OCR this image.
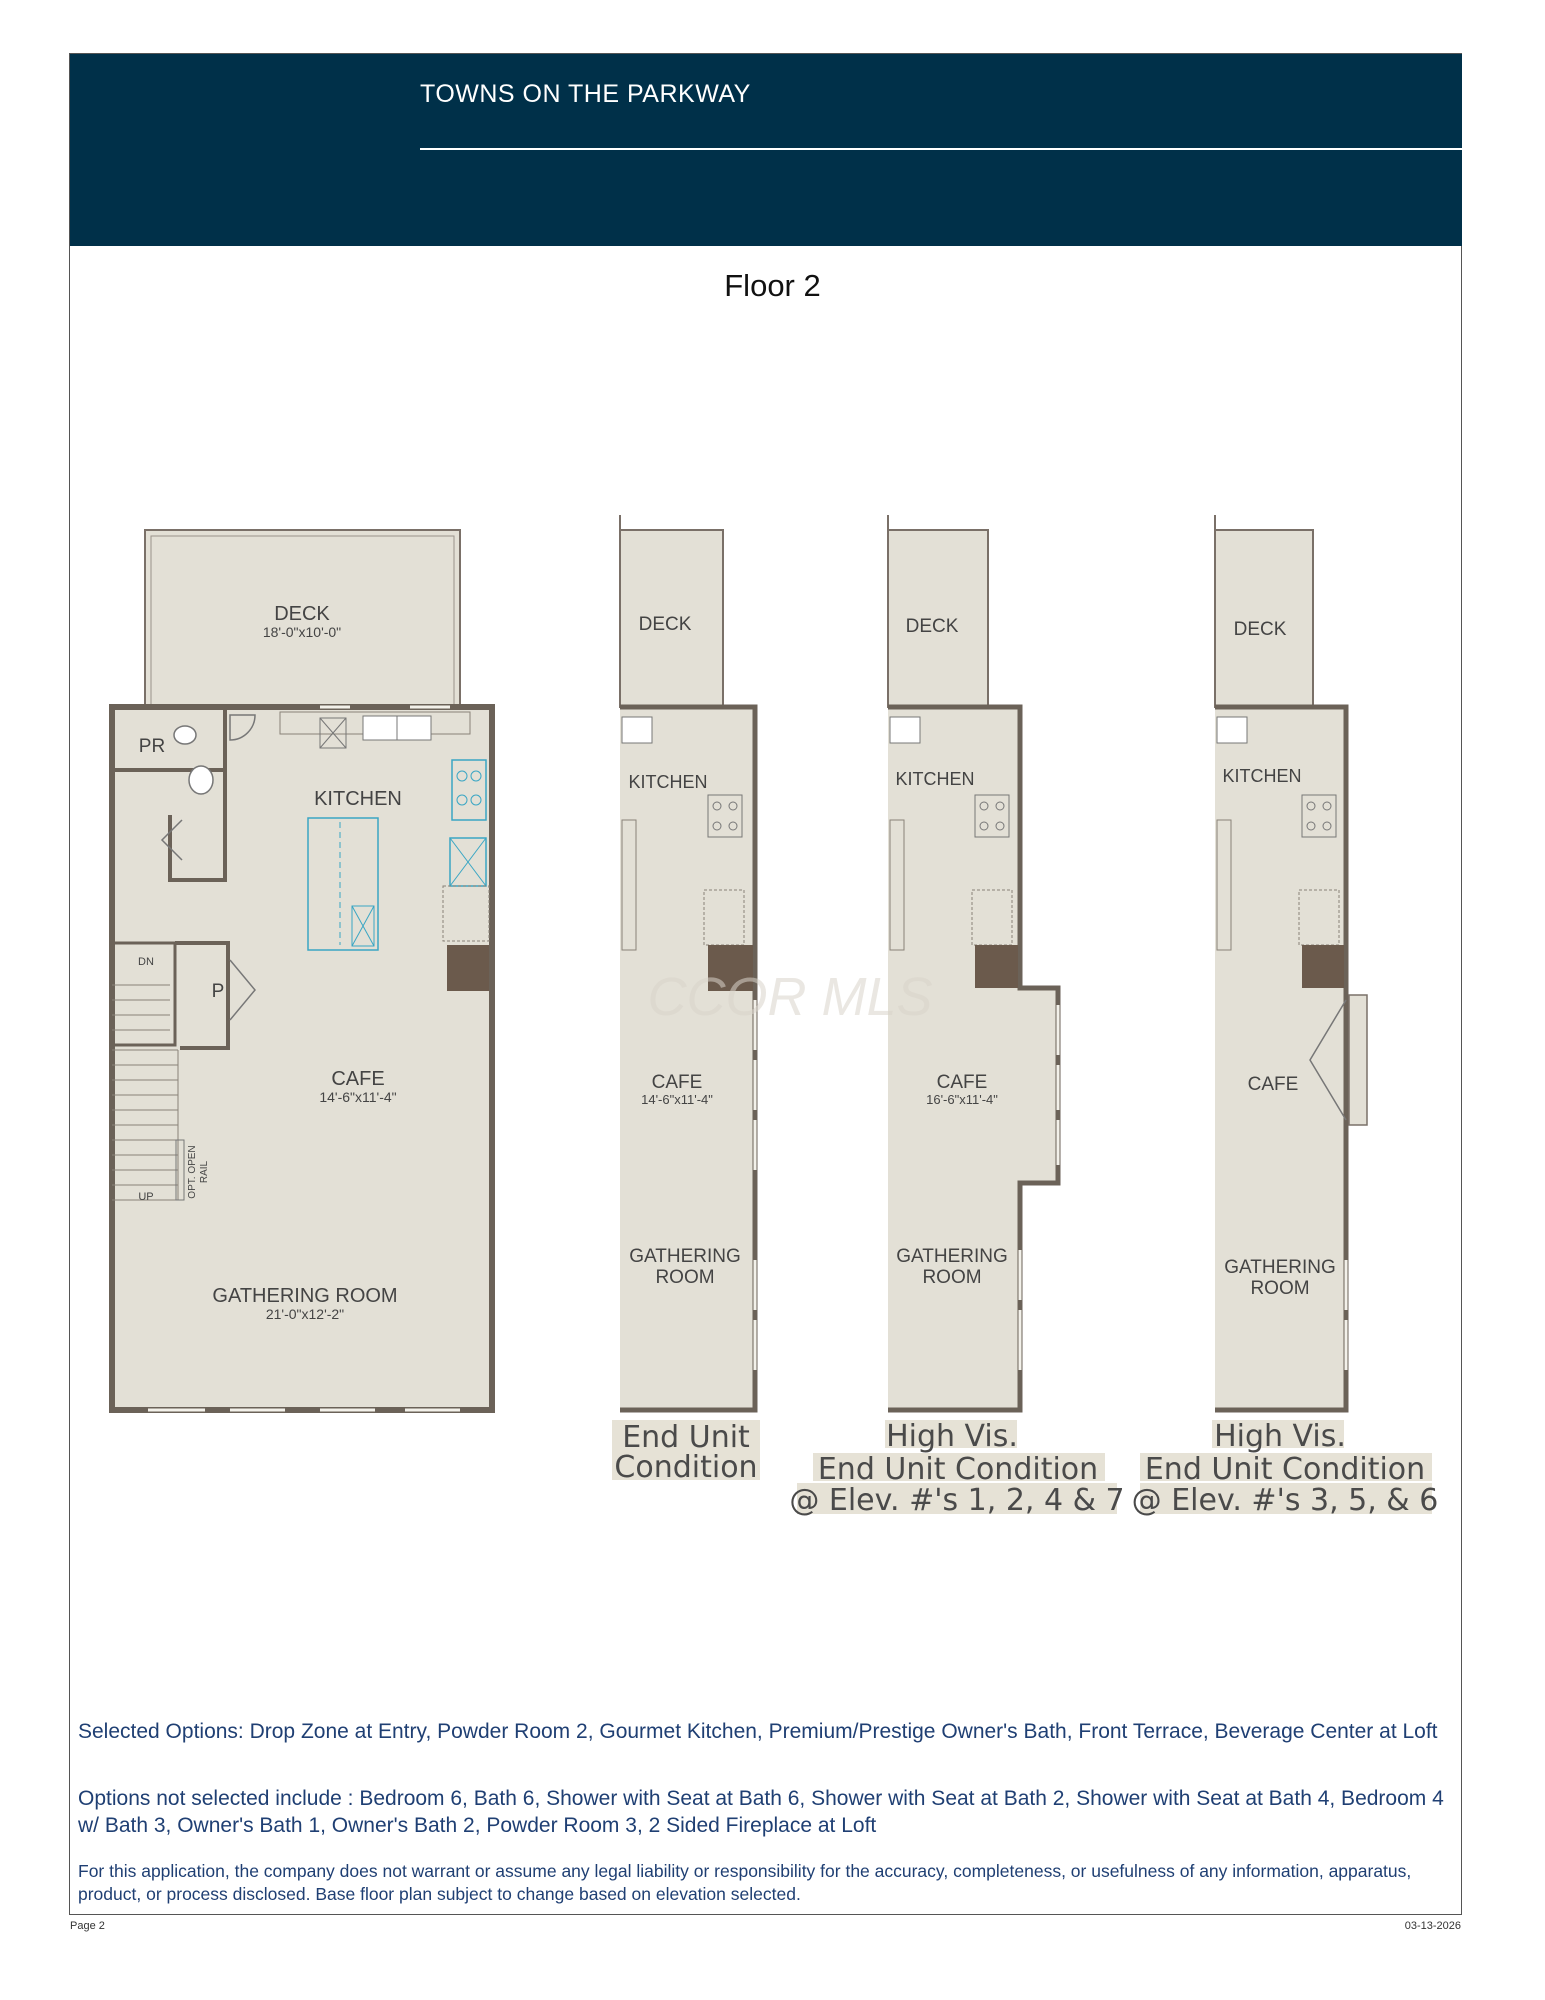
TOWNS ON THE PARKWAY
Floor 2
DECK
18'-0"x10'-0"
PR
KITCHEN
DN
P
CAFE
14'-6"x11'-4"
UP	OPT. OPEN RAIL
GATHERING ROOM
21'-0"x12'-2"
DECK
KITCHEN
CAFE
14'-6"x11'-4"
GATHERING
ROOM
End Unit
Condition
DECK
KITCHEN
CAFE
16'-6"x11'-4"
GATHERING
ROOM
High Vis.
End Unit Condition
@ Elev. #'s 1, 2, 4 & 7
DECK
KITCHEN
CAFE
GATHERING
ROOM
High Vis.
End Unit Condition
@ Elev. #'s 3, 5, & 6
CCOR MLS
Selected Options: Drop Zone at Entry, Powder Room 2, Gourmet Kitchen, Premium/Prestige Owner's Bath, Front Terrace, Beverage Center at Loft
Options not selected include : Bedroom 6, Bath 6, Shower with Seat at Bath 6, Shower with Seat at Bath 2, Shower with Seat at Bath 4, Bedroom 4 w/ Bath 3, Owner's Bath 1, Owner's Bath 2, Powder Room 3, 2 Sided Fireplace at Loft
For this application, the company does not warrant or assume any legal liability or responsibility for the accuracy, completeness, or usefulness of any information, apparatus, product, or process disclosed. Base floor plan subject to change based on elevation selected.
Page 2	03-13-2026
